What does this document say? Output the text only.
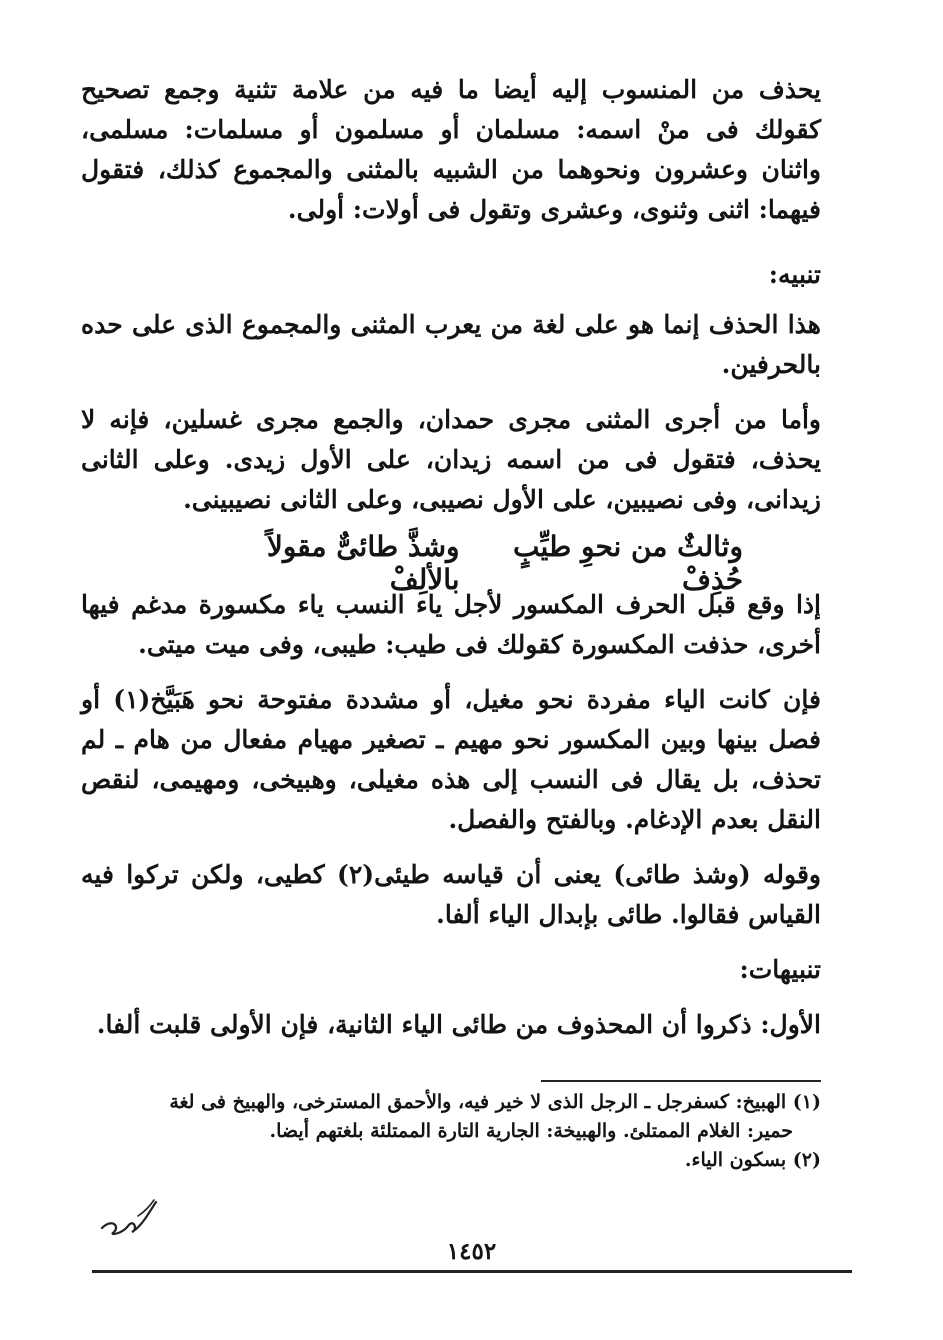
يحذف من المنسوب إليه أيضا ما فيه من علامة تثنية وجمع تصحيح كقولك فى منْ اسمه: مسلمان أو مسلمون أو مسلمات: مسلمى، واثنان وعشرون ونحوهما من الشبيه بالمثنى والمجموع كذلك، فتقول فيهما: اثنى وثنوى، وعشرى وتقول فى أولات: أولى.

تنبيه:

هذا الحذف إنما هو على لغة من يعرب المثنى والمجموع الذى على حده بالحرفين.

وأما من أجرى المثنى مجرى حمدان، والجمع مجرى غسلين، فإنه لا يحذف، فتقول فى من اسمه زيدان، على الأول زيدى. وعلى الثانى زيدانى، وفى نصيبين، على الأول نصيبى، وعلى الثانى نصيبينى.

وثالثٌ من نحوِ طيِّبٍ حُذِفْ
وشذَّ طائىٌّ مقولاً بالألِفْ

إذا وقع قبل الحرف المكسور لأجل ياء النسب ياء مكسورة مدغم فيها أخرى، حذفت المكسورة كقولك فى طيب: طيبى، وفى ميت ميتى.

فإن كانت الياء مفردة نحو مغيل، أو مشددة مفتوحة نحو هَبَيَّخ(١) أو فصل بينها وبين المكسور نحو مهيم ـ تصغير مهيام مفعال من هام ـ لم تحذف، بل يقال فى النسب إلى هذه مغيلى، وهبيخى، ومهيمى، لنقص النقل بعدم الإدغام. وبالفتح والفصل.

وقوله (وشذ طائى) يعنى أن قياسه طيئى(٢) كطيى، ولكن تركوا فيه القياس فقالوا. طائى بإبدال الياء ألفا.

تنبيهات:

الأول: ذكروا أن المحذوف من طائى الياء الثانية، فإن الأولى قلبت ألفا.

(١) الهبيخ: كسفرجل ـ الرجل الذى لا خير فيه، والأحمق المسترخى، والهبيخ فى لغة
حمير: الغلام الممتلئ. والهبيخة: الجارية التارة الممتلئة بلغتهم أيضا.
(٢) بسكون الياء.
١٤٥٢
